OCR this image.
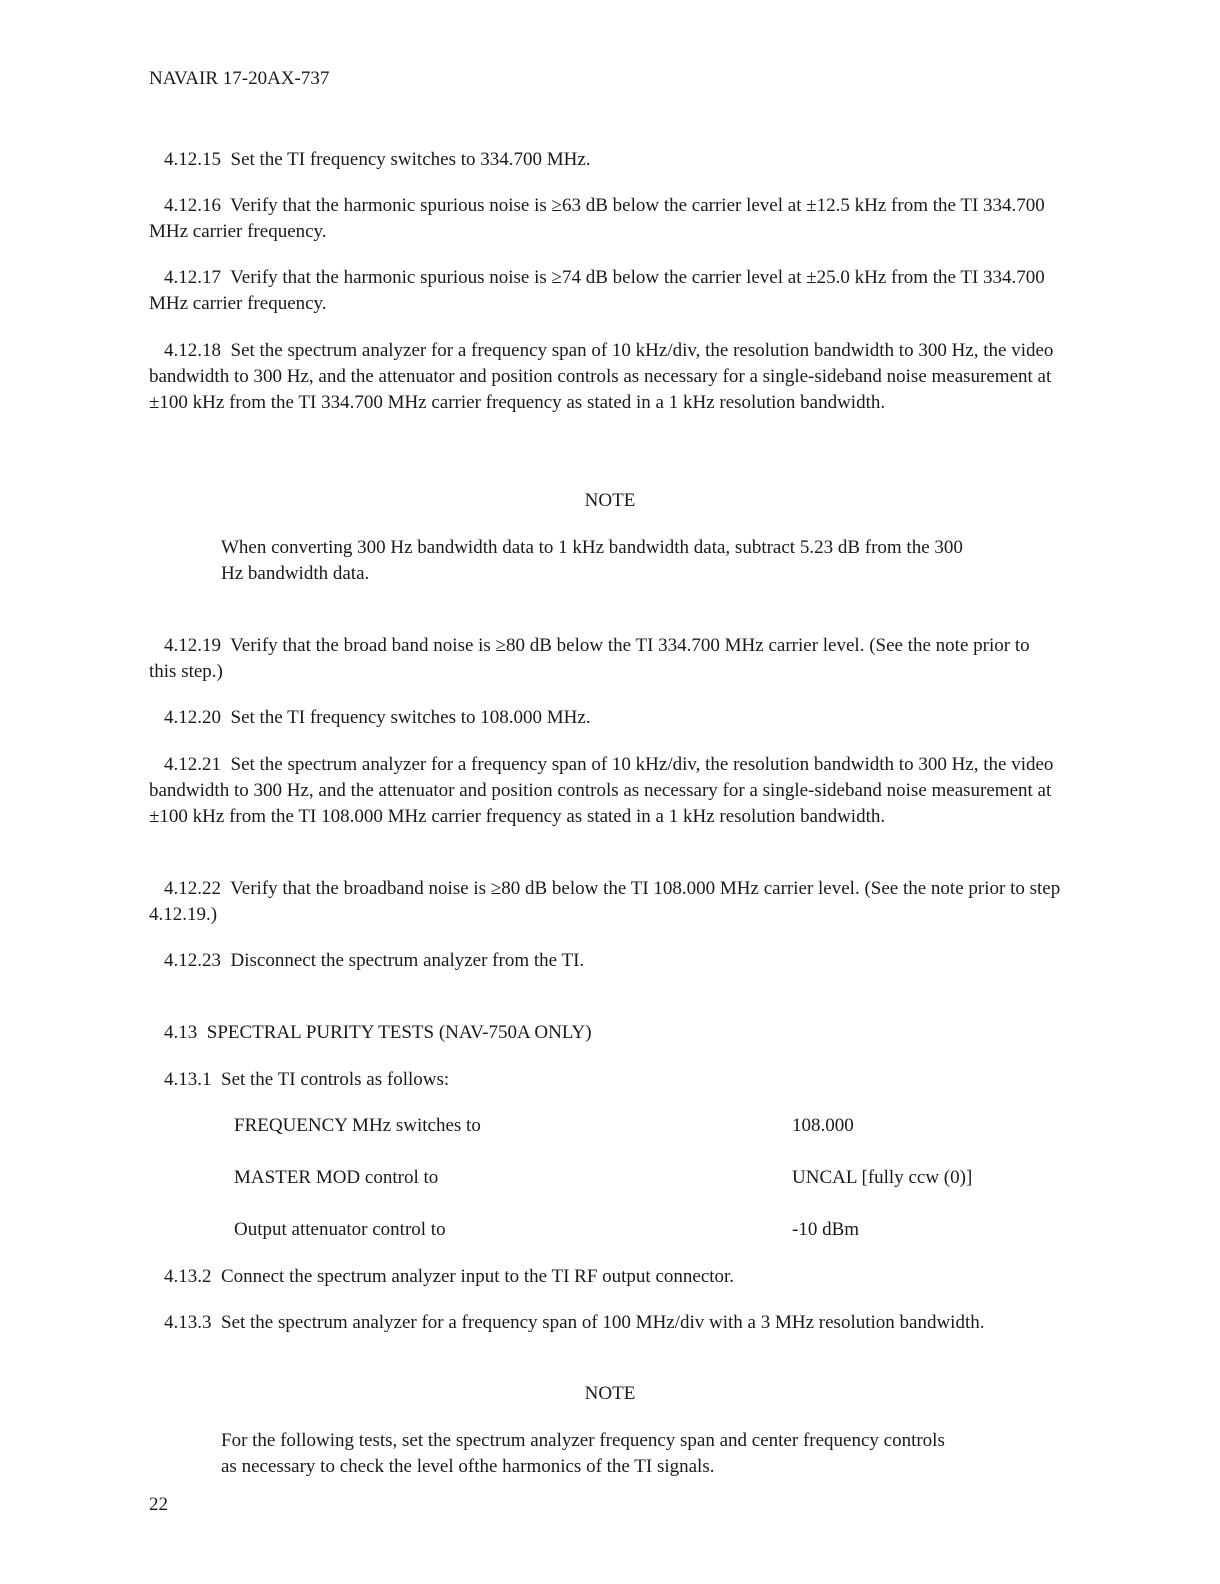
NAVAIR 17-20AX-737

4.12.15 Set the TI frequency switches to 334.700 MHz.

4.12.16 Verify that the harmonic spurious noise is ≥63 dB below the carrier level at ±12.5 kHz from the TI 334.700 MHz carrier frequency.

4.12.17 Verify that the harmonic spurious noise is ≥74 dB below the carrier level at ±25.0 kHz from the TI 334.700 MHz carrier frequency.

4.12.18 Set the spectrum analyzer for a frequency span of 10 kHz/div, the resolution bandwidth to 300 Hz, the video bandwidth to 300 Hz, and the attenuator and position controls as necessary for a single-sideband noise measurement at ±100 kHz from the TI 334.700 MHz carrier frequency as stated in a 1 kHz resolution bandwidth.

NOTE

When converting 300 Hz bandwidth data to 1 kHz bandwidth data, subtract 5.23 dB from the 300 Hz bandwidth data.

4.12.19 Verify that the broad band noise is ≥80 dB below the TI 334.700 MHz carrier level. (See the note prior to this step.)

4.12.20 Set the TI frequency switches to 108.000 MHz.

4.12.21 Set the spectrum analyzer for a frequency span of 10 kHz/div, the resolution bandwidth to 300 Hz, the video bandwidth to 300 Hz, and the attenuator and position controls as necessary for a single-sideband noise measurement at ±100 kHz from the TI 108.000 MHz carrier frequency as stated in a 1 kHz resolution bandwidth.

4.12.22 Verify that the broadband noise is ≥80 dB below the TI 108.000 MHz carrier level. (See the note prior to step 4.12.19.)

4.12.23 Disconnect the spectrum analyzer from the TI.

4.13 SPECTRAL PURITY TESTS (NAV-750A ONLY)

4.13.1 Set the TI controls as follows:

FREQUENCY MHz switches to	108.000

MASTER MOD control to	UNCAL [fully ccw (0)]

Output attenuator control to	-10 dBm

4.13.2 Connect the spectrum analyzer input to the TI RF output connector.

4.13.3 Set the spectrum analyzer for a frequency span of 100 MHz/div with a 3 MHz resolution bandwidth.

NOTE

For the following tests, set the spectrum analyzer frequency span and center frequency controls as necessary to check the level ofthe harmonics of the TI signals.

22
